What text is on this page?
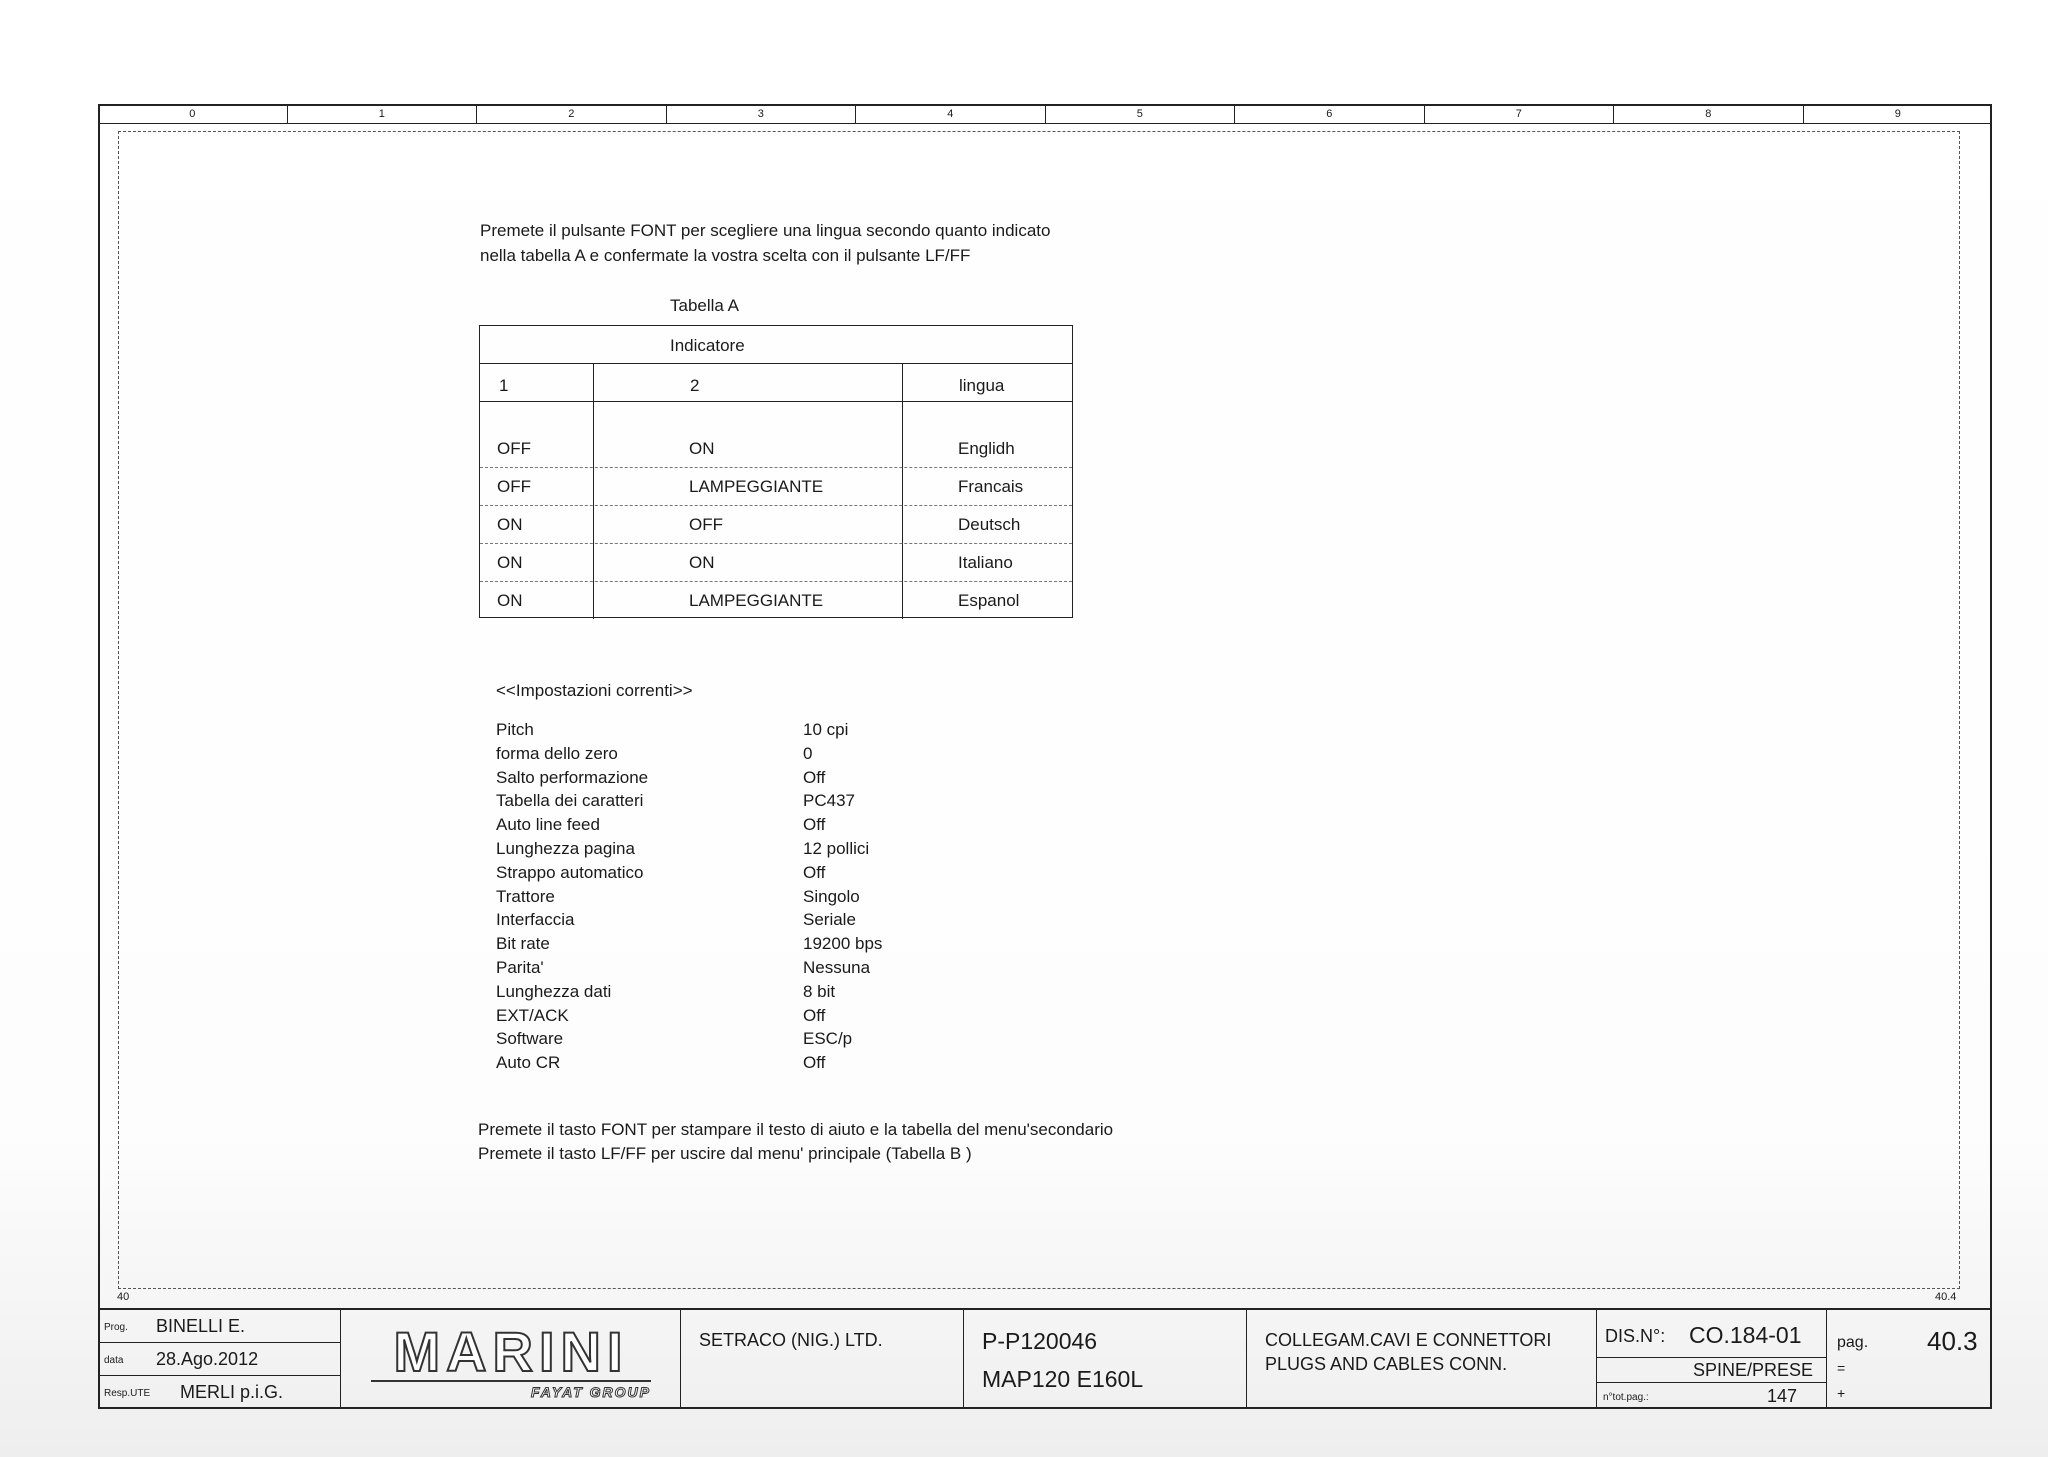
0	1	2	3	4	5	6	7	8	9
40	40.4
Premete il pulsante FONT per scegliere una lingua secondo quanto indicato
nella tabella A e confermate la vostra scelta con il pulsante LF/FF
Tabella A
Indicatore
1	2	lingua
OFF	ON	Englidh
OFF	LAMPEGGIANTE	Francais
ON	OFF	Deutsch
ON	ON	Italiano
ON	LAMPEGGIANTE	Espanol
<<Impostazioni correnti>>
Pitch	10 cpi
forma dello zero	0
Salto performazione	Off
Tabella dei caratteri	PC437
Auto line feed	Off
Lunghezza pagina	12 pollici
Strappo automatico	Off
Trattore	Singolo
Interfaccia	Seriale
Bit rate	19200 bps
Parita'	Nessuna
Lunghezza dati	8 bit
EXT/ACK	Off
Software	ESC/p
Auto CR	Off
Premete il tasto FONT per stampare il testo di aiuto e la tabella del menu'secondario
Premete il tasto LF/FF per uscire dal menu' principale (Tabella B )
Prog. BINELLI E.
data 28.Ago.2012
Resp.UTE MERLI p.i.G.
MARINI
FAYAT GROUP
SETRACO (NIG.) LTD.	P-P120046
MAP120 E160L
COLLEGAM.CAVI E CONNETTORI
PLUGS AND CABLES CONN.
DIS.N°: CO.184-01
SPINE/PRESE
n°tot.pag.:	147
pag. 40.3
=
+
